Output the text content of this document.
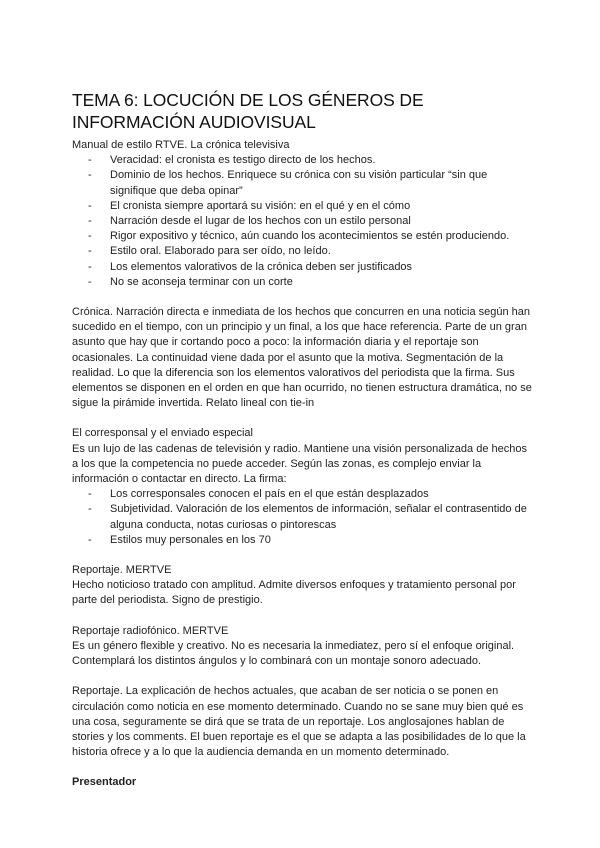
TEMA 6: LOCUCIÓN DE LOS GÉNEROS DE INFORMACIÓN AUDIOVISUAL

Manual de estilo RTVE. La crónica televisiva

- Veracidad: el cronista es testigo directo de los hechos.
- Dominio de los hechos. Enriquece su crónica con su visión particular “sin que signifique que deba opinar”
- El cronista siempre aportará su visión: en el qué y en el cómo
- Narración desde el lugar de los hechos con un estilo personal
- Rigor expositivo y técnico, aún cuando los acontecimientos se estén produciendo.
- Estilo oral. Elaborado para ser oído, no leído.
- Los elementos valorativos de la crónica deben ser justificados
- No se aconseja terminar con un corte

Crónica. Narración directa e inmediata de los hechos que concurren en una noticia según han sucedido en el tiempo, con un principio y un final, a los que hace referencia. Parte de un gran asunto que hay que ir cortando poco a poco: la información diaria y el reportaje son ocasionales. La continuidad viene dada por el asunto que la motiva. Segmentación de la realidad. Lo que la diferencia son los elementos valorativos del periodista que la firma. Sus elementos se disponen en el orden en que han ocurrido, no tienen estructura dramática, no se sigue la pirámide invertida. Relato lineal con tie-in

El corresponsal y el enviado especial

Es un lujo de las cadenas de televisión y radio. Mantiene una visión personalizada de hechos a los que la competencia no puede acceder. Según las zonas, es complejo enviar la información o contactar en directo. La firma:

- Los corresponsales conocen el país en el que están desplazados
- Subjetividad. Valoración de los elementos de información, señalar el contrasentido de alguna conducta, notas curiosas o pintorescas
- Estilos muy personales en los 70

Reportaje. MERTVE

Hecho noticioso tratado con amplitud. Admite diversos enfoques y tratamiento personal por parte del periodista. Signo de prestigio.

Reportaje radiofónico. MERTVE

Es un género flexible y creativo. No es necesaria la inmediatez, pero sí el enfoque original. Contemplará los distintos ángulos y lo combinará con un montaje sonoro adecuado.

Reportaje. La explicación de hechos actuales, que acaban de ser noticia o se ponen en circulación como noticia en ese momento determinado. Cuando no se sane muy bien qué es una cosa, seguramente se dirá que se trata de un reportaje. Los anglosajones hablan de stories y los comments. El buen reportaje es el que se adapta a las posibilidades de lo que la historia ofrece y a lo que la audiencia demanda en un momento determinado.

Presentador
